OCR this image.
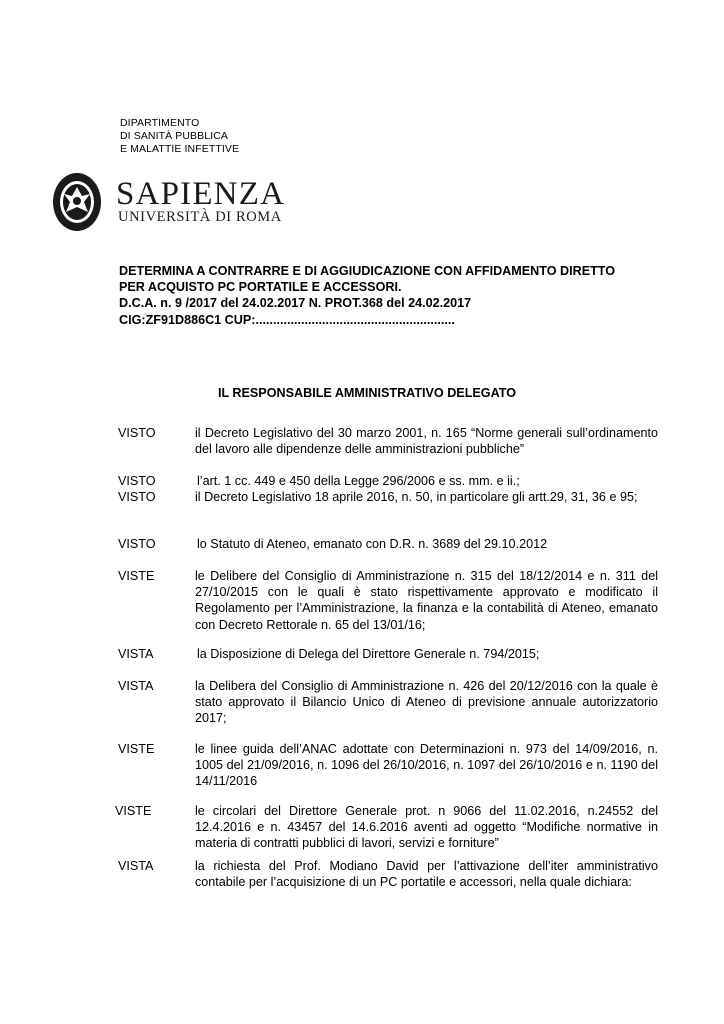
DIPARTIMENTO
DI SANITÀ PUBBLICA
E MALATTIE INFETTIVE
SAPIENZA
UNIVERSITÀ DI ROMA
DETERMINA A CONTRARRE E DI AGGIUDICAZIONE CON AFFIDAMENTO DIRETTO
PER ACQUISTO PC PORTATILE E ACCESSORI.
D.C.A. n. 9 /2017 del 24.02.2017 N. PROT.368 del 24.02.2017
CIG:ZF91D886C1 CUP:.........................................................
IL RESPONSABILE AMMINISTRATIVO DELEGATO
VISTO	il Decreto Legislativo del 30 marzo 2001, n. 165 “Norme generali sull’ordinamento del lavoro alle dipendenze delle amministrazioni pubbliche”
VISTO	l’art. 1 cc. 449 e 450 della Legge 296/2006 e ss. mm. e ii.;
VISTO	il Decreto Legislativo 18 aprile 2016, n. 50, in particolare gli artt.29, 31, 36 e 95;
VISTO	lo Statuto di Ateneo, emanato con D.R. n. 3689 del 29.10.2012
VISTE	le Delibere del Consiglio di Amministrazione n. 315 del 18/12/2014 e n. 311 del 27/10/2015 con le quali è stato rispettivamente approvato e modificato il Regolamento per l’Amministrazione, la finanza e la contabilità di Ateneo, emanato con Decreto Rettorale n. 65 del 13/01/16;
VISTA	la Disposizione di Delega del Direttore Generale n. 794/2015;
VISTA	la Delibera del Consiglio di Amministrazione n. 426 del 20/12/2016 con la quale è stato approvato il Bilancio Unico di Ateneo di previsione annuale autorizzatorio 2017;
VISTE	le linee guida dell’ANAC adottate con Determinazioni n. 973 del 14/09/2016, n. 1005 del 21/09/2016, n. 1096 del 26/10/2016, n. 1097 del 26/10/2016 e n. 1190 del 14/11/2016
VISTE	le circolari del Direttore Generale prot. n 9066 del 11.02.2016, n.24552 del 12.4.2016 e n. 43457 del 14.6.2016 aventi ad oggetto “Modifiche normative in materia di contratti pubblici di lavori, servizi e forniture”
VISTA	la richiesta del Prof. Modiano David per l’attivazione dell’iter amministrativo contabile per l’acquisizione di un PC portatile e accessori, nella quale dichiara:
